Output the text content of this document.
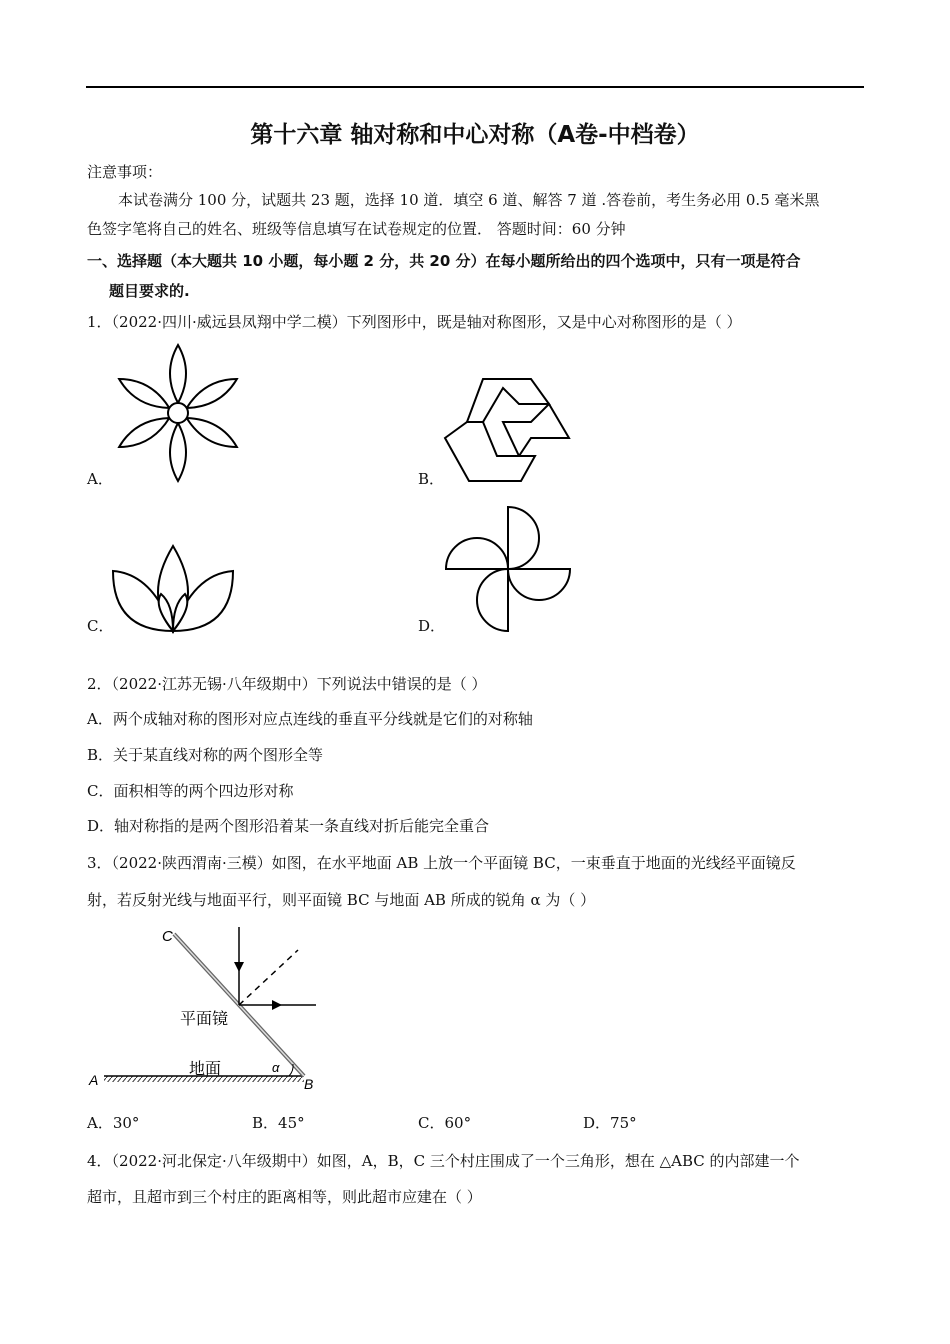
第十六章 轴对称和中心对称（A卷-中档卷）
注意事项：
本试卷满分 100 分，试题共 23 题，选择 10 道．填空 6 道、解答 7 道 .答卷前，考生务必用 0.5 毫米黑
色签字笔将自己的姓名、班级等信息填写在试卷规定的位置． 答题时间：60 分钟
一、选择题（本大题共 10 小题，每小题 2 分，共 20 分）在每小题所给出的四个选项中，只有一项是符合
题目要求的.
1．（2022·四川·威远县凤翔中学二模）下列图形中，既是轴对称图形，又是中心对称图形的是（ ）
A．	B．
C．	D．
2．（2022·江苏无锡·八年级期中）下列说法中错误的是（ ）
A．两个成轴对称的图形对应点连线的垂直平分线就是它们的对称轴
B．关于某直线对称的两个图形全等
C．面积相等的两个四边形对称
D．轴对称指的是两个图形沿着某一条直线对折后能完全重合
3．（2022·陕西渭南·三模）如图，在水平地面 AB 上放一个平面镜 BC，一束垂直于地面的光线经平面镜反
射，若反射光线与地面平行，则平面镜 BC 与地面 AB 所成的锐角 α 为（ ）
C
平面镜
地面	α
A	B
A．30°	B．45°	C．60°	D．75°
4．（2022·河北保定·八年级期中）如图，A，B，C 三个村庄围成了一个三角形，想在 △ABC 的内部建一个
超市，且超市到三个村庄的距离相等，则此超市应建在（ ）
